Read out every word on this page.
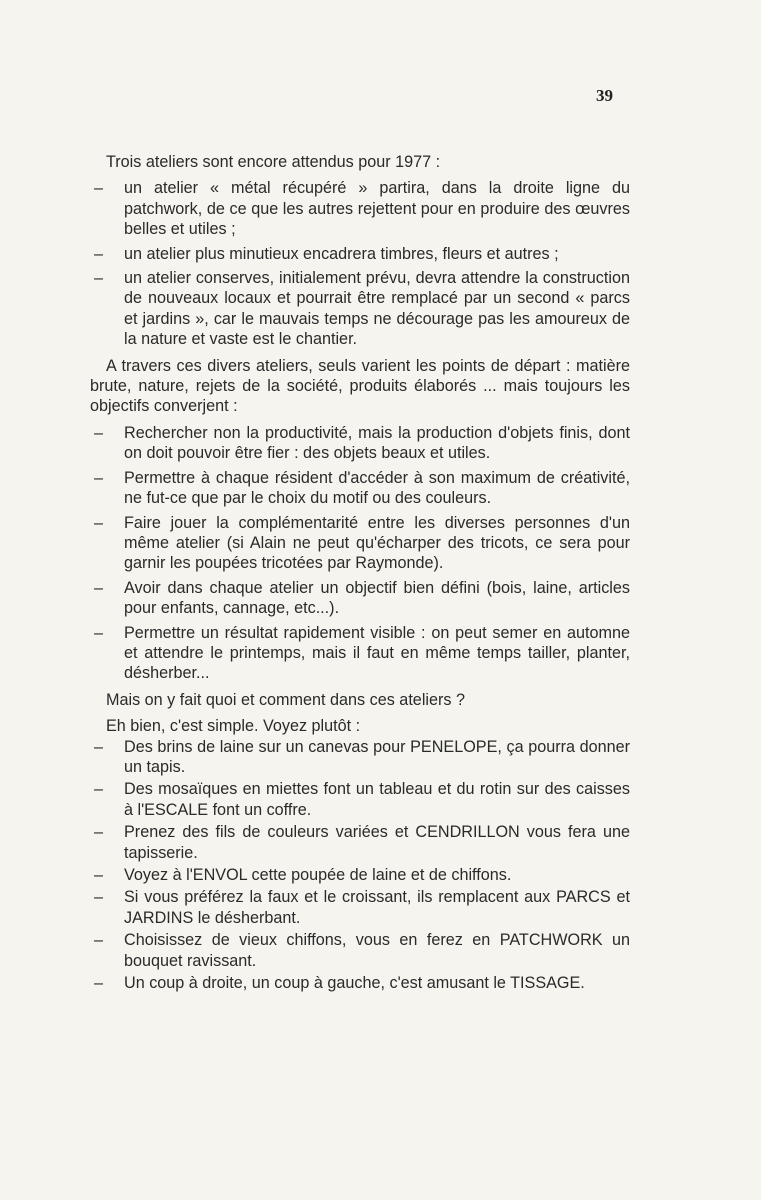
39

Trois ateliers sont encore attendus pour 1977 :

– un atelier « métal récupéré » partira, dans la droite ligne du patchwork, de ce que les autres rejettent pour en produire des œuvres belles et utiles ;
– un atelier plus minutieux encadrera timbres, fleurs et autres ;
– un atelier conserves, initialement prévu, devra attendre la construction de nouveaux locaux et pourrait être remplacé par un second « parcs et jardins », car le mauvais temps ne décourage pas les amoureux de la nature et vaste est le chantier.

A travers ces divers ateliers, seuls varient les points de départ : matière brute, nature, rejets de la société, produits élaborés ... mais toujours les objectifs converjent :

– Rechercher non la productivité, mais la production d'objets finis, dont on doit pouvoir être fier : des objets beaux et utiles.
– Permettre à chaque résident d'accéder à son maximum de créativité, ne fut-ce que par le choix du motif ou des couleurs.
– Faire jouer la complémentarité entre les diverses personnes d'un même atelier (si Alain ne peut qu'écharper des tricots, ce sera pour garnir les poupées tricotées par Raymonde).
– Avoir dans chaque atelier un objectif bien défini (bois, laine, articles pour enfants, cannage, etc...).
– Permettre un résultat rapidement visible : on peut semer en automne et attendre le printemps, mais il faut en même temps tailler, planter, désherber...

Mais on y fait quoi et comment dans ces ateliers ?

Eh bien, c'est simple. Voyez plutôt :

– Des brins de laine sur un canevas pour PENELOPE, ça pourra donner un tapis.
– Des mosaïques en miettes font un tableau et du rotin sur des caisses à l'ESCALE font un coffre.
– Prenez des fils de couleurs variées et CENDRILLON vous fera une tapisserie.
– Voyez à l'ENVOL cette poupée de laine et de chiffons.
– Si vous préférez la faux et le croissant, ils remplacent aux PARCS et JARDINS le désherbant.
– Choisissez de vieux chiffons, vous en ferez en PATCHWORK un bouquet ravissant.
– Un coup à droite, un coup à gauche, c'est amusant le TISSAGE.
